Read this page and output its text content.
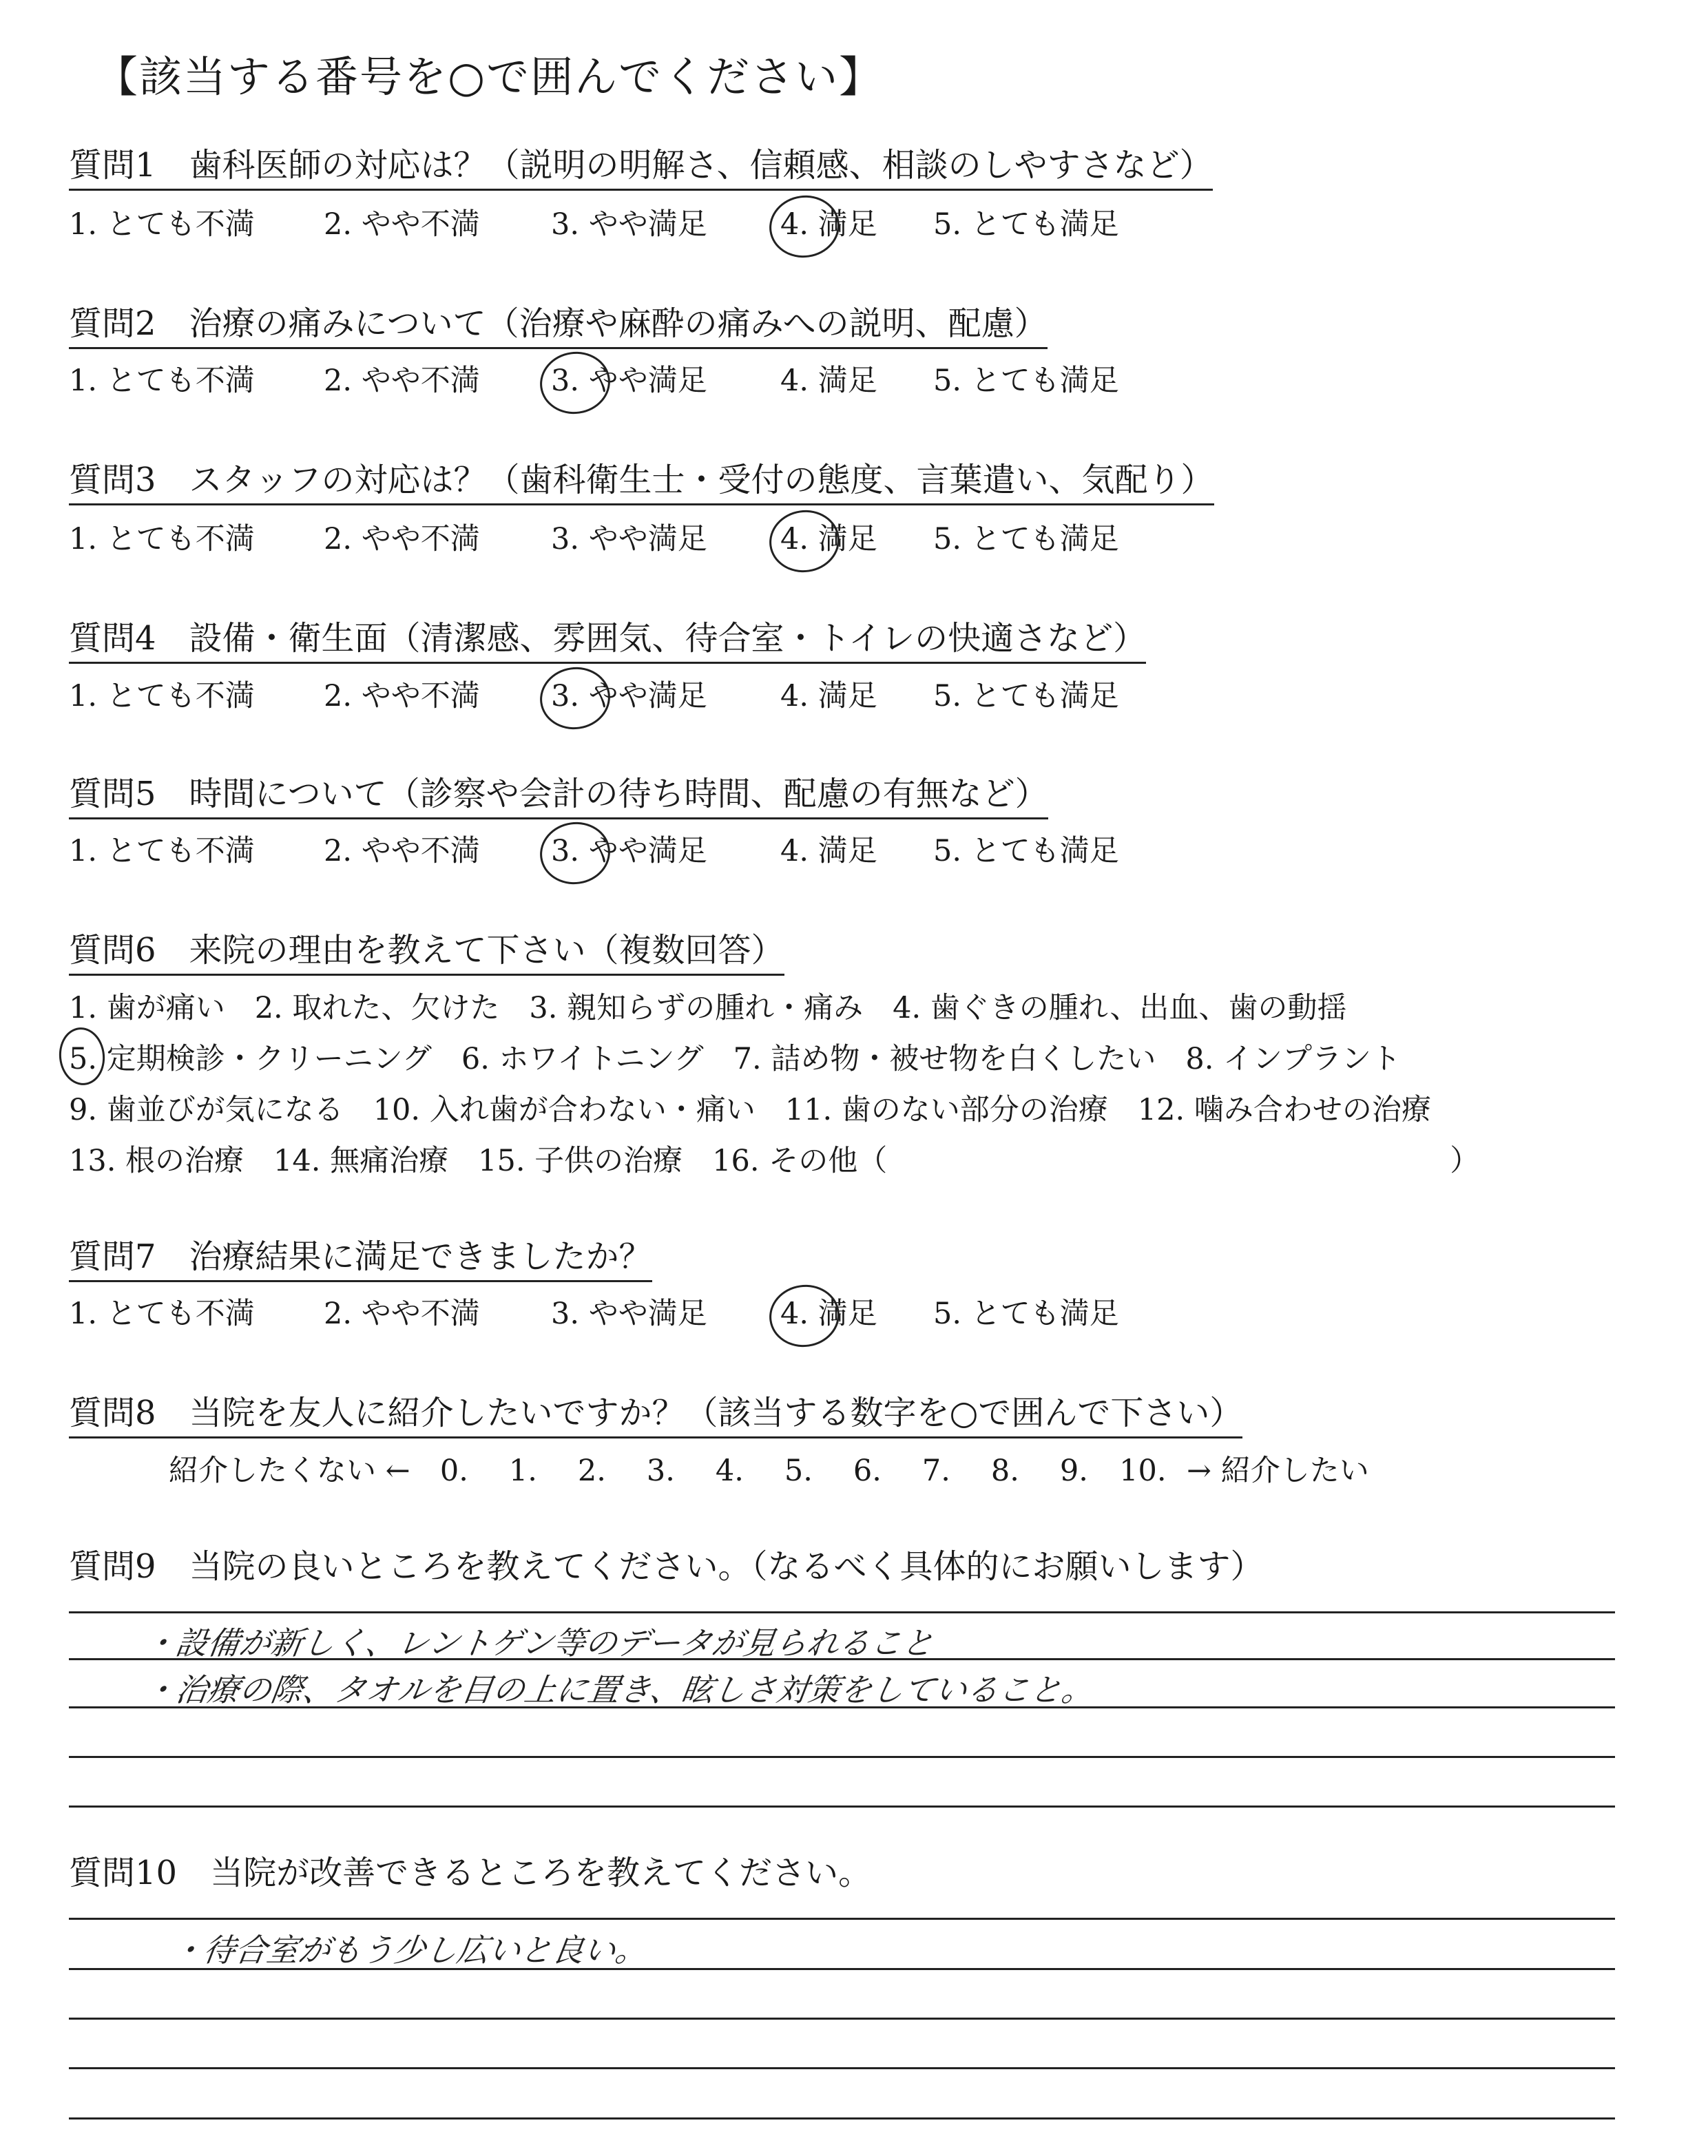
【該当する番号を○で囲んでください】
質問1　歯科医師の対応は？（説明の明解さ、信頼感、相談のしやすさなど）
1. とても不満 2. やや不満 3. やや満足 4. 満足 5. とても満足
質問2　治療の痛みについて（治療や麻酔の痛みへの説明、配慮）
1. とても不満 2. やや不満 3. やや満足 4. 満足 5. とても満足
質問3　スタッフの対応は？（歯科衛生士・受付の態度、言葉遣い、気配り）
1. とても不満 2. やや不満 3. やや満足 4. 満足 5. とても満足
質問4　設備・衛生面（清潔感、雰囲気、待合室・トイレの快適さなど）
1. とても不満 2. やや不満 3. やや満足 4. 満足 5. とても満足
質問5　時間について（診察や会計の待ち時間、配慮の有無など）
1. とても不満 2. やや不満 3. やや満足 4. 満足 5. とても満足
質問6　来院の理由を教えて下さい（複数回答）
1. 歯が痛い　2. 取れた、欠けた　3. 親知らずの腫れ・痛み　4. 歯ぐきの腫れ、出血、歯の動揺
5. 定期検診・クリーニング　6. ホワイトニング　7. 詰め物・被せ物を白くしたい　8. インプラント
9. 歯並びが気になる　10. 入れ歯が合わない・痛い　11. 歯のない部分の治療　12. 噛み合わせの治療
13. 根の治療　14. 無痛治療　15. 子供の治療　16. その他（　　　　　　　　　　　　　　　　　　　）
質問7　治療結果に満足できましたか？
1. とても不満 2. やや不満 3. やや満足 4. 満足 5. とても満足
質問8　当院を友人に紹介したいですか？（該当する数字を○で囲んで下さい）
紹介したくない ← 0. 1. 2. 3. 4. 5. 6. 7. 8. 9. 10. → 紹介したい
質問9　当院の良いところを教えてください。（なるべく具体的にお願いします）
・設備が新しく、レントゲン等のデータが見られること
・治療の際、タオルを目の上に置き、眩しさ対策をしていること。
質問10　当院が改善できるところを教えてください。
・待合室がもう少し広いと良い。
